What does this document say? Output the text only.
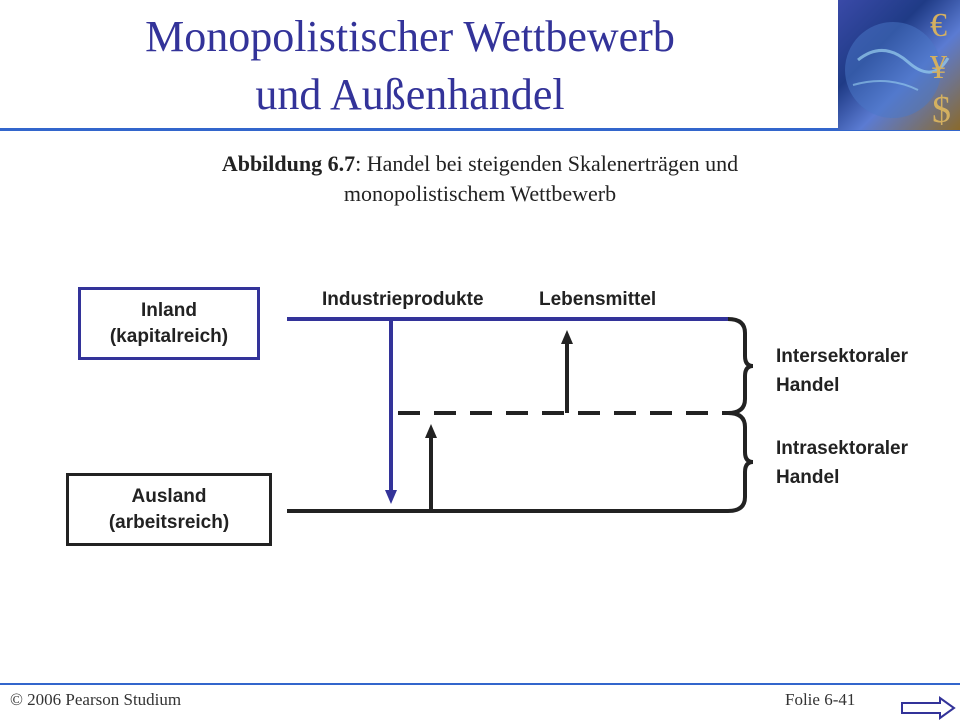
Monopolistischer Wettbewerb
und Außenhandel
€
¥
$
Abbildung 6.7: Handel bei steigenden Skalenerträgen und
monopolistischem Wettbewerb
Inland
(kapitalreich)
Ausland
(arbeitsreich)
Industrieprodukte	Lebensmittel
Intersektoraler
Handel
Intrasektoraler
Handel
© 2006 Pearson Studium	Folie 6-41
